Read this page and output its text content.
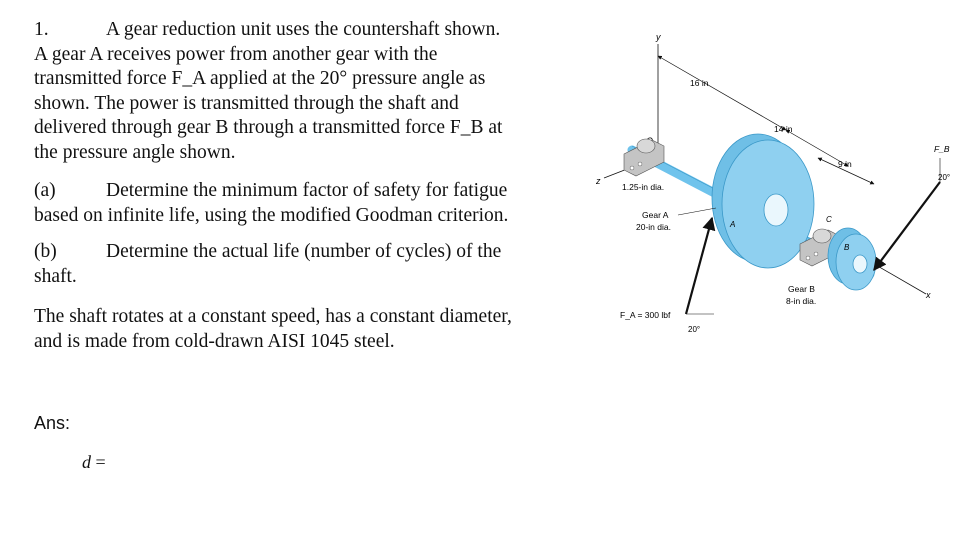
1.	A gear reduction unit uses the countershaft shown.

A gear A receives power from another gear with the

transmitted force F_A applied at the 20° pressure angle as

shown. The power is transmitted through the shaft and

delivered through gear B through a transmitted force F_B at

the pressure angle shown.

(a)	Determine the minimum factor of safety for fatigue

based on infinite life, using the modified Goodman criterion.

(b)	Determine the actual life (number of cycles) of the

shaft.

The shaft rotates at a constant speed, has a constant diameter,

and is made from cold-drawn AISI 1045 steel.

Ans:
d =
y
z
x
16 in
14 in
9 in
1.25-in dia.
Gear A
20-in dia.	A
C
B
Gear B
8-in dia.
F_A = 300 lbf
20°
F_B
20°
